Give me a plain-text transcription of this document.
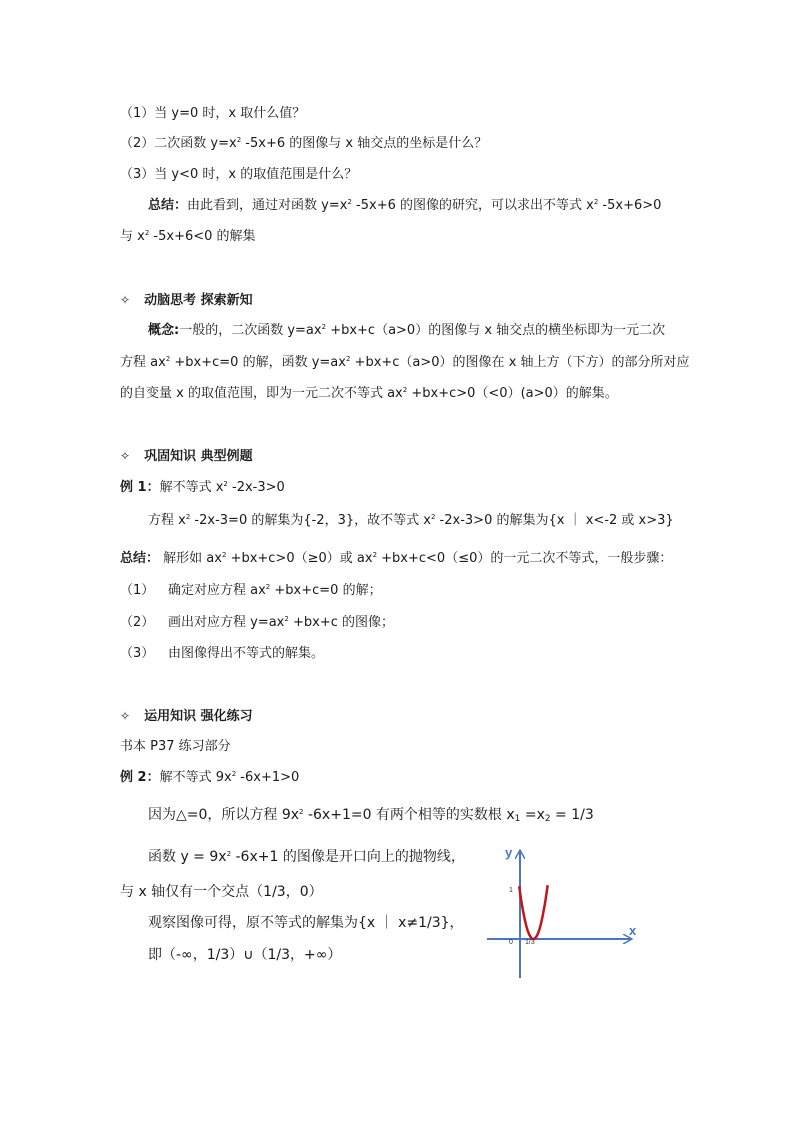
（1）当 y=0 时，x 取什么值？
（2）二次函数 $y=x^2$ -5x+6 的图像与 x 轴交点的坐标是什么？
（3）当 y<0 时，x 的取值范围是什么？
总结：由此看到，通过对函数 $y=x^2$ -5x+6 的图像的研究，可以求出不等式 $x^2$ -5x+6>0
与 $x^2$ -5x+6<0 的解集
✧ 动脑思考 探索新知
概念:一般的，二次函数 $y=ax^2 +bx+c(a>0)$的图像与 x 轴交点的横坐标即为一元二次
方程 $ax^2 +bx+c=0$ 的解，函数 $y=ax^2 +bx+c(a>0)$的图像在 x 轴上方（下方）的部分所对应
的自变量 x 的取值范围，即为一元二次不等式 $ax^2 +bx+c>0(<0)(a>0)$的解集。
✧ 巩固知识 典型例题
例 1：解不等式 $x^2$ -2x-3>0
方程 $x^2$ -2x-3=0 的解集为{-2，3}，故不等式 $x^2$ -2x-3>0 的解集为{x ｜ x<-2 或 x>3}
总结： 解形如 $ax^2 +bx+c>0(\ge 0)$或 $ax^2 +bx+c<0(\le 0)$的一元二次不等式，一般步骤：
（1） 确定对应方程 $ax^2 +bx+c=0$ 的解；
（2） 画出对应方程 $y=ax^2 +bx+c$ 的图像；
（3） 由图像得出不等式的解集。
✧ 运用知识 强化练习
书本 P37 练习部分
例 2：解不等式 $9x^2$ -6x+1>0
因为△=0，所以方程 $9x^2$ -6x+1=0 有两个相等的实数根 $x_1 =x_2 = 1/3$
函数 $y = 9x^2$ -6x+1 的图像是开口向上的抛物线，
与 x 轴仅有一个交点（1/3，0）
观察图像可得，原不等式的解集为{x ｜ x≠1/3}，
即（-∞，1/3）∪（1/3，+∞）
y
x
1
0 1/3
